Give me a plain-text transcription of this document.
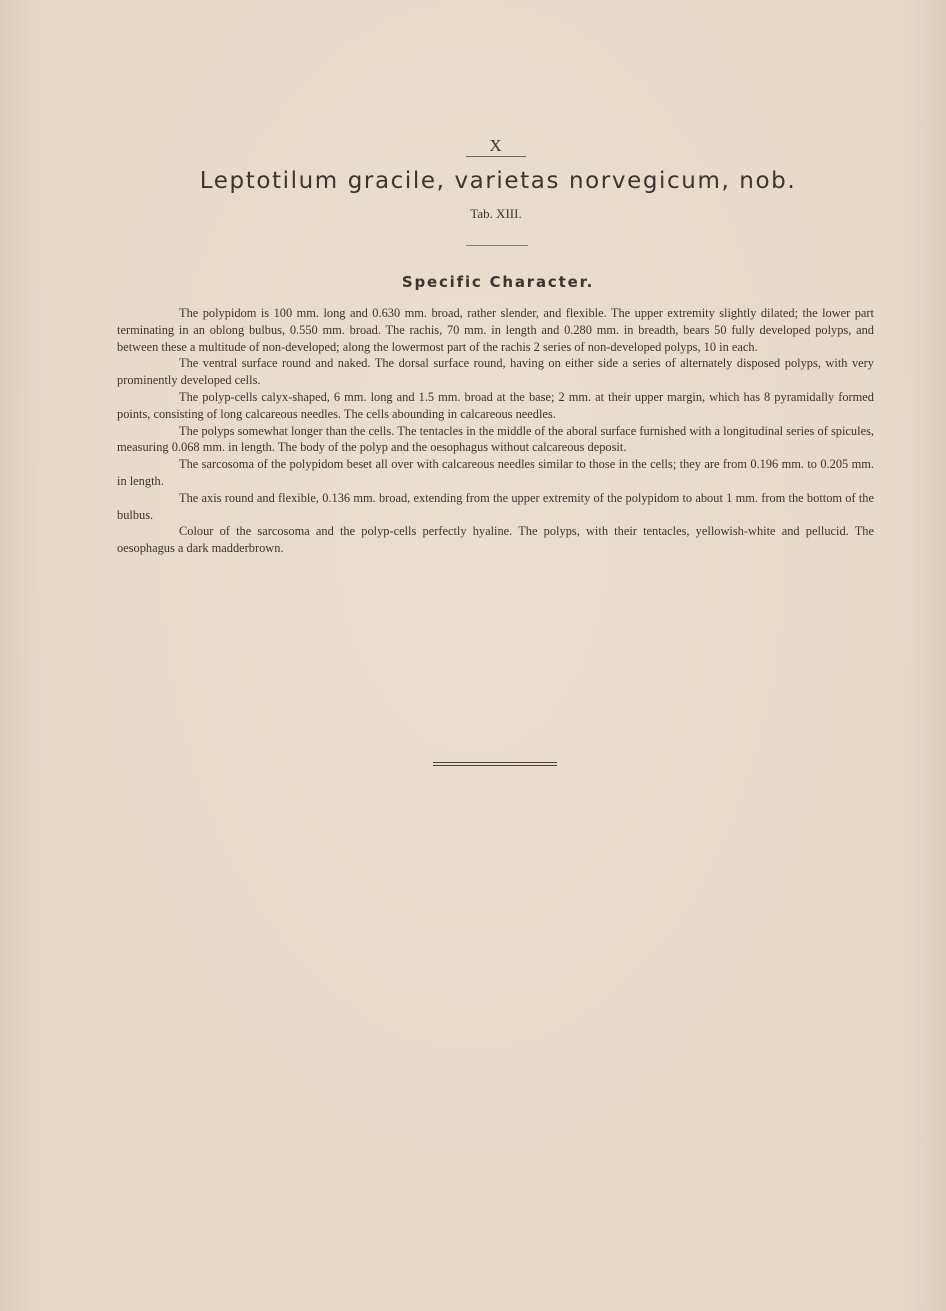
X
Leptotilum gracile, varietas norvegicum, nob.
Tab. XIII.
Specific Character.

The polypidom is 100 mm. long and 0.630 mm. broad, rather slender, and flexible. The upper extremity slightly dilated; the lower part terminating in an oblong bulbus, 0.550 mm. broad. The rachis, 70 mm. in length and 0.280 mm. in breadth, bears 50 fully developed polyps, and between these a multitude of non-developed; along the lowermost part of the rachis 2 series of non-developed polyps, 10 in each.

The ventral surface round and naked. The dorsal surface round, having on either side a series of alternately disposed polyps, with very prominently developed cells.

The polyp-cells calyx-shaped, 6 mm. long and 1.5 mm. broad at the base; 2 mm. at their upper margin, which has 8 pyramidally formed points, consisting of long calcareous needles. The cells abounding in calcareous needles.

The polyps somewhat longer than the cells. The tentacles in the middle of the aboral surface furnished with a longitudinal series of spicules, measuring 0.068 mm. in length. The body of the polyp and the oesophagus without calcareous deposit.

The sarcosoma of the polypidom beset all over with calcareous needles similar to those in the cells; they are from 0.196 mm. to 0.205 mm. in length.

The axis round and flexible, 0.136 mm. broad, extending from the upper extremity of the polypidom to about 1 mm. from the bottom of the bulbus.

Colour of the sarcosoma and the polyp-cells perfectly hyaline. The polyps, with their tentacles, yellowish-white and pellucid. The oesophagus a dark madderbrown.
